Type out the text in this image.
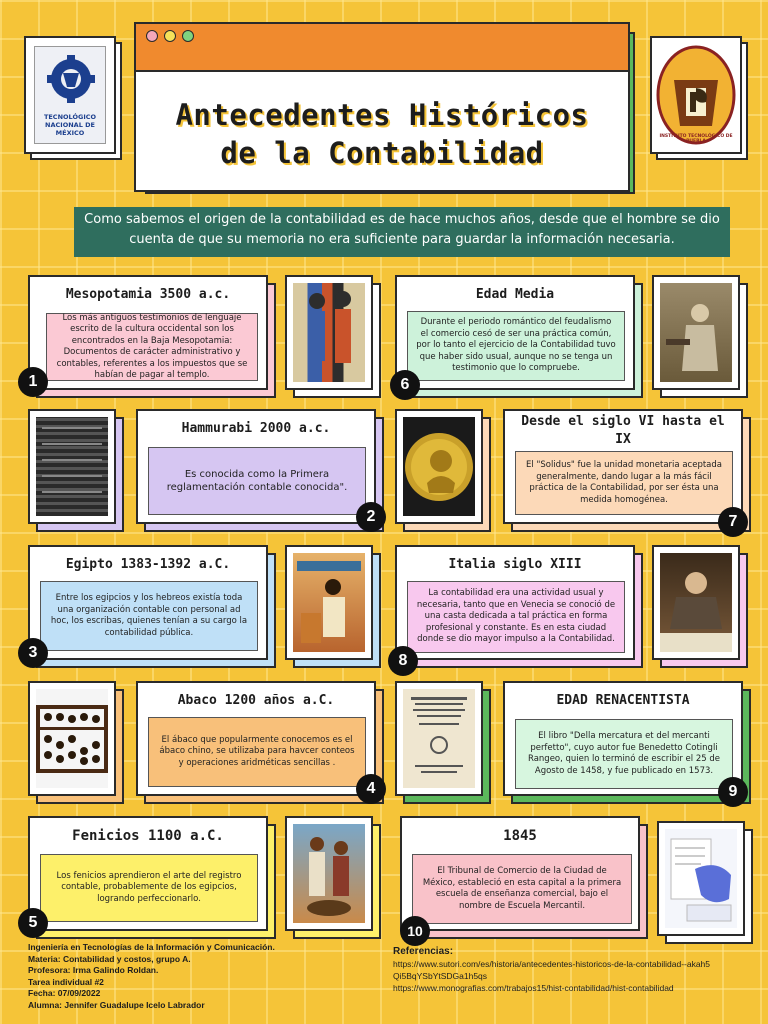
Antecedentes Históricos
de la Contabilidad
TECNOLÓGICO NACIONAL DE MÉXICO	INSTITUTO TECNOLÓGICO DE PUEBLA
Como sabemos el origen de la contabilidad es de hace muchos años, desde que el hombre se dio cuenta de que su memoria no era suficiente para guardar la información necesaria.
Mesopotamia 3500 a.c.
Los más antiguos testimonios de lenguaje escrito de la cultura occidental son los encontrados en la Baja Mesopotamia: Documentos de carácter administrativo y contables, referentes a los impuestos que se habían de pagar al templo.
1
Hammurabi 2000 a.c.
Es conocida como la Primera reglamentación contable conocida".
2
Egipto 1383-1392 a.C.
Entre los egipcios y los hebreos existía toda una organización contable con personal ad hoc, los escribas, quienes tenían a su cargo la contabilidad pública.
3
Abaco 1200 años a.C.
El ábaco que popularmente conocemos es el ábaco chino, se utilizaba para havcer conteos y operaciones aridméticas sencillas .
4
Fenicios 1100 a.C.
Los fenicios aprendieron el arte del registro contable, probablemente de los egipcios, logrando perfeccionarlo.
5
Edad Media
Durante el periodo romántico del feudalismo el comercio cesó de ser una práctica común, por lo tanto el ejercicio de la Contabilidad tuvo que haber sido usual, aunque no se tenga un testimonio que lo compruebe.
6
Desde el siglo VI hasta el IX
El "Solidus" fue la unidad monetaria aceptada generalmente, dando lugar a la más fácil práctica de la Contabilidad, por ser ésta una medida homogénea.
7
Italia siglo XIII
La contabilidad era una actividad usual y necesaria, tanto que en Venecia se conoció de una casta dedicada a tal práctica en forma profesional y constante. Es en esta ciudad donde se dio mayor impulso a la Contabilidad.
8
EDAD RENACENTISTA
El libro "Della mercatura et del mercanti perfetto", cuyo autor fue Benedetto Cotingli Rangeo, quien lo terminó de escribir el 25 de Agosto de 1458, y fue publicado en 1573.
9
1845
El Tribunal de Comercio de la Ciudad de México, estableció en esta capital a la primera escuela de enseñanza comercial, bajo el nombre de Escuela Mercantil.
10
Ingeniería en Tecnologías de la Información y Comunicación.
Materia: Contabilidad y costos, grupo A.
Profesora: Irma Galindo Roldan.
Tarea individual #2
Fecha: 07/09/2022
Alumna: Jennifer Guadalupe Icelo Labrador
Referencias:
https://www.sutori.com/es/historia/antecedentes-historicos-de-la-contabilidad--akah5Qi5BqYSbYtSDGa1h5qs
https://www.monografias.com/trabajos15/hist-contabilidad/hist-contabilidad
